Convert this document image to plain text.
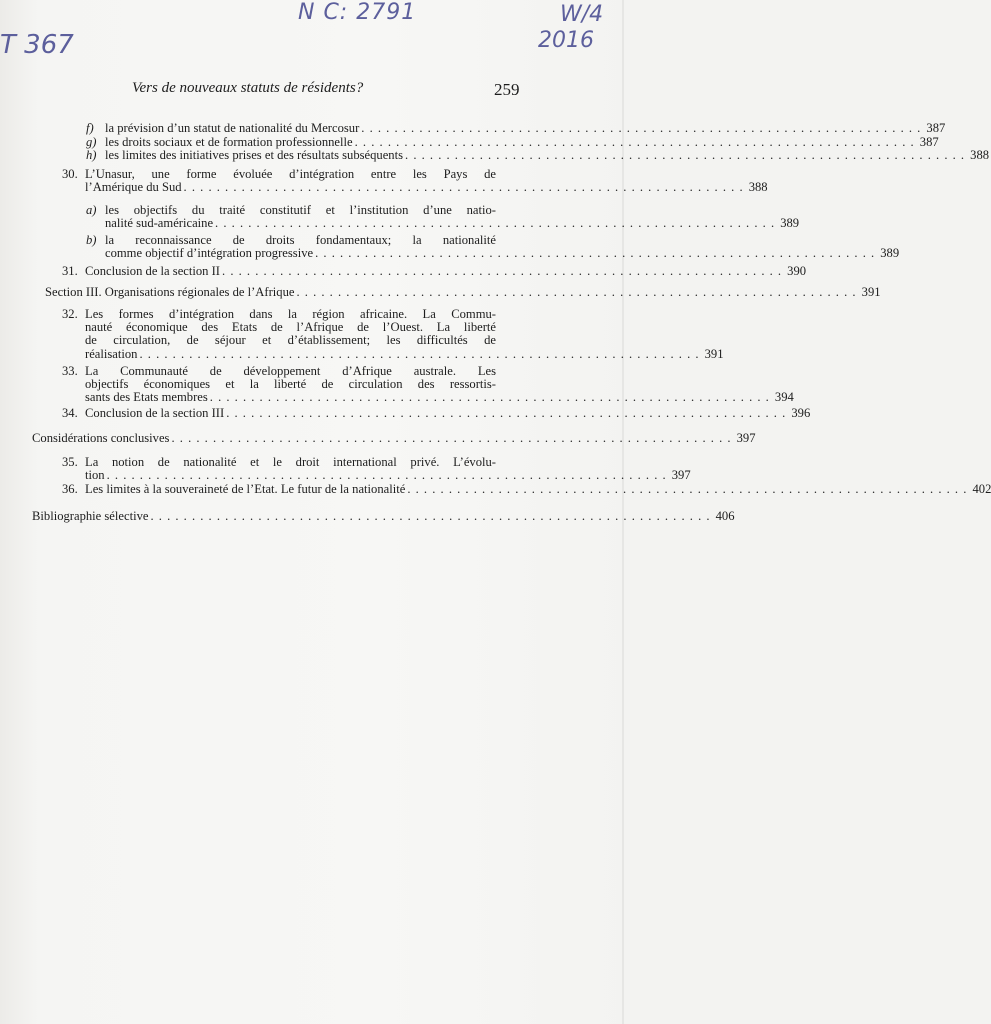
N C: 2791
T 367
W/4
2016
Vers de nouveaux statuts de résidents?	259
f) la prévision d’un statut de nationalité du Mercosur . . .	387
g) les droits sociaux et de formation professionnelle . . .	387
h) les limites des initiatives prises et des résultats subséquents . . .	388
30. L’Unasur, une forme évoluée d’intégration entre les Pays de
l’Amérique du Sud . . .	388
a) les objectifs du traité constitutif et l’institution d’une natio-
nalité sud-américaine . . .	389
b) la reconnaissance de droits fondamentaux; la nationalité
comme objectif d’intégration progressive . . .	389
31. Conclusion de la section II . . .	390
Section III. Organisations régionales de l’Afrique . . .	391
32. Les formes d’intégration dans la région africaine. La Commu-
nauté économique des Etats de l’Afrique de l’Ouest. La liberté
de circulation, de séjour et d’établissement; les difficultés de
réalisation . . .	391
33. La Communauté de développement d’Afrique australe. Les
objectifs économiques et la liberté de circulation des ressortis-
sants des Etats membres . . .	394
34. Conclusion de la section III . . .	396
Considérations conclusives . . .	397
35. La notion de nationalité et le droit international privé. L’évolu-
tion . . .	397
36. Les limites à la souveraineté de l’Etat. Le futur de la nationalité . . .	402
Bibliographie sélective . . .	406
